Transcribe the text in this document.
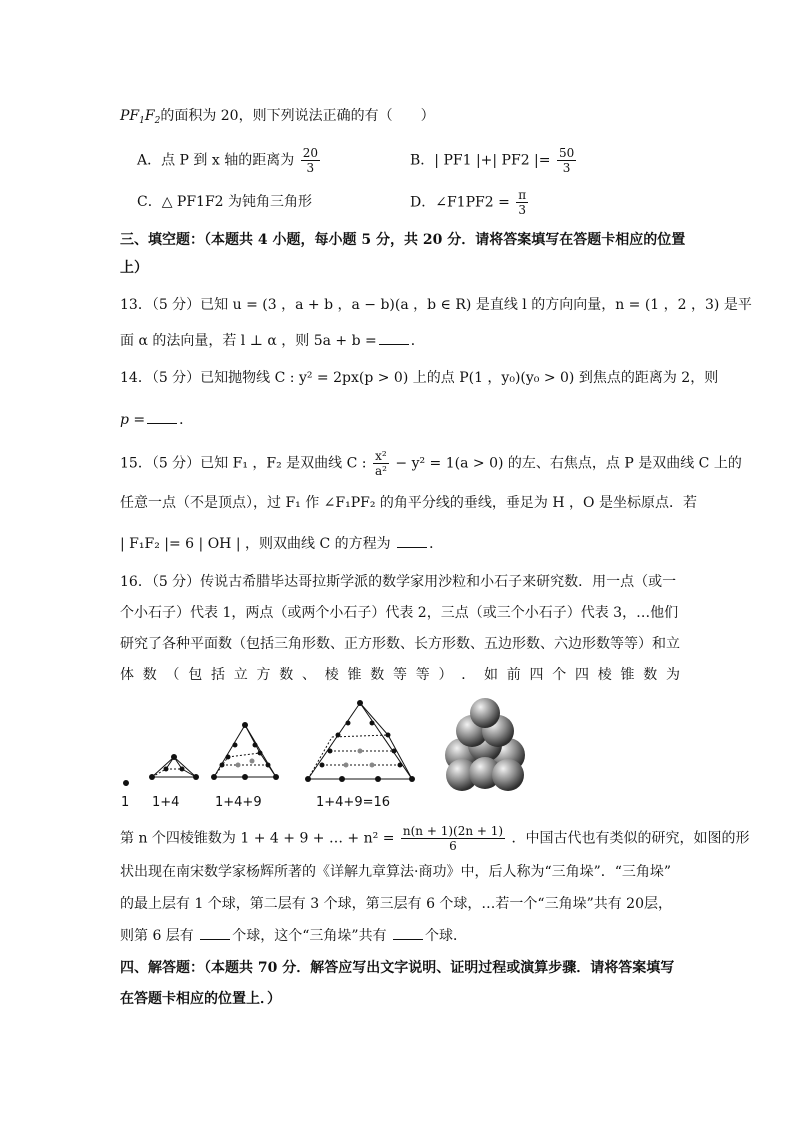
$PF_1F_2$的面积为 20，则下列说法正确的有（　　）
A．点 P 到 x 轴的距离为 $\frac{20}{3}$	B．| PF1 |+| PF2 |= $\frac{50}{3}$
C．△ PF1F2 为钝角三角形	D．∠F1PF2 = $\frac{\pi}{3}$
三、填空题：（本题共 4 小题，每小题 5 分，共 20 分．请将答案填写在答题卡相应的位置
上）
13．（5 分）已知 u = (3 ，a + b ，a − b)(a ，b ∈ R) 是直线 l 的方向向量，n = (1 ，2 ，3) 是平
面 α 的法向量，若 l ⊥ α ，则 5a + b = ．
14．（5 分）已知抛物线 C : y² = 2px(p > 0) 上的点 P(1 ，y₀)(y₀ > 0) 到焦点的距离为 2，则
p = ．
15．（5 分）已知 F₁ ，F₂ 是双曲线 C : $\frac{\text{x²}}{\text{a²}} - y^2 = 1(a > 0)$ 的左、右焦点，点 P 是双曲线 C 上的
任意一点（不是顶点），过 F₁ 作 ∠F₁PF₂ 的角平分线的垂线，垂足为 H ，O 是坐标原点．若
| F₁F₂ |= 6 | OH | ，则双曲线 C 的方程为	．
16．（5 分）传说古希腊毕达哥拉斯学派的数学家用沙粒和小石子来研究数．用一点（或一
个小石子）代表 1，两点（或两个小石子）代表 2，三点（或三个小石子）代表 3，…他们
研究了各种平面数（包括三角形数、正方形数、长方形数、五边形数、六边形数等等）和立
体 数 （ 包 括 立 方 数 、 棱 锥 数 等 等 ） ． 如 前 四 个 四 棱 锥 数 为
1 1+4	1+4+9	1+4+9=16
第 n 个四棱锥数为 1 + 4 + 9 + … + $n^2 = \frac{n(n + 1)(2n + 1)}{6}$ ．中国古代也有类似的研究，如图的形
状出现在南宋数学家杨辉所著的《详解九章算法·商功》中，后人称为“三角垛”．“三角垛”
的最上层有 1 个球，第二层有 3 个球，第三层有 6 个球，…若一个“三角垛”共有 20层，
则第 6 层有	个球，这个“三角垛”共有	个球．
四、解答题：（本题共 70 分．解答应写出文字说明、证明过程或演算步骤．请将答案填写
在答题卡相应的位置上．）
